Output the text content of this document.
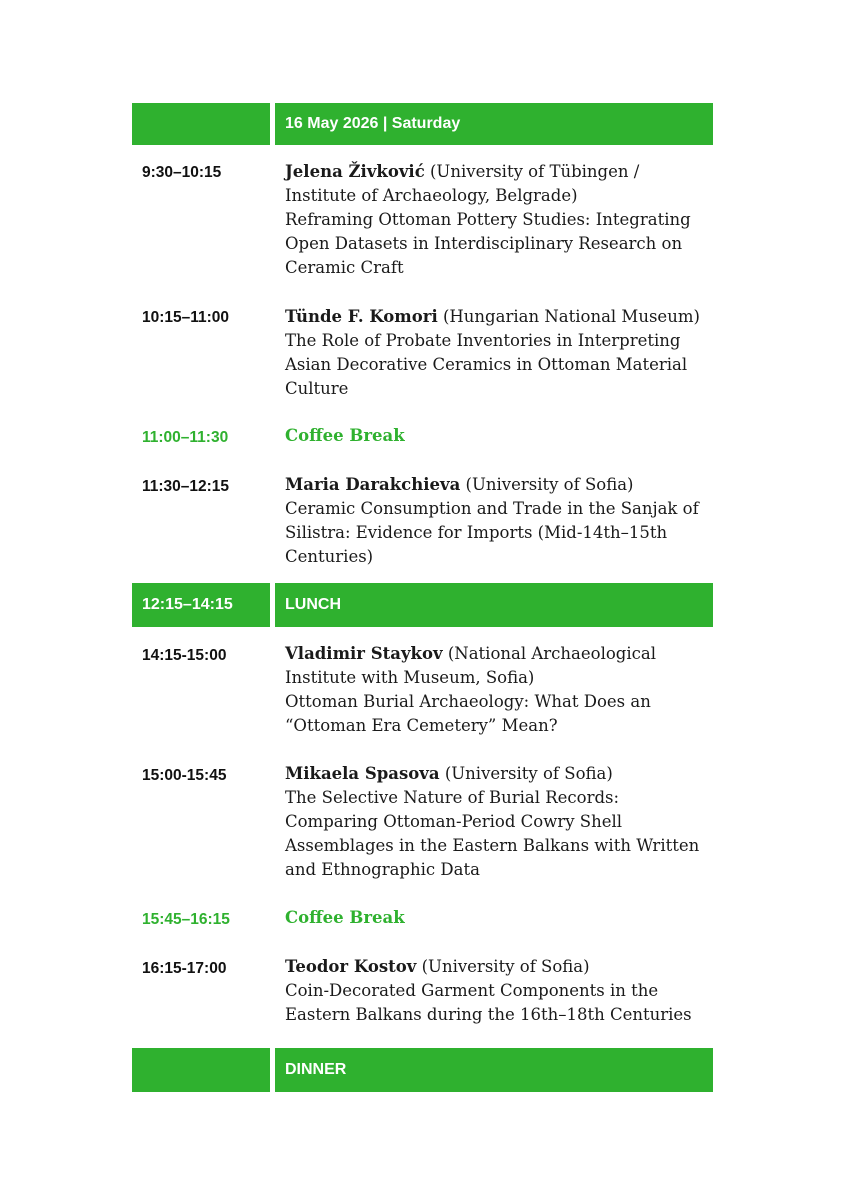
16 May 2026 | Saturday
9:30–10:15	Jelena Živković (University of Tübingen / Institute of Archaeology, Belgrade)
Reframing Ottoman Pottery Studies: Integrating Open Datasets in Interdisciplinary Research on Ceramic Craft
10:15–11:00	Tünde F. Komori (Hungarian National Museum)
The Role of Probate Inventories in Interpreting Asian Decorative Ceramics in Ottoman Material Culture
11:00–11:30	Coffee Break
11:30–12:15	Maria Darakchieva (University of Sofia)
Ceramic Consumption and Trade in the Sanjak of Silistra: Evidence for Imports (Mid-14th–15th Centuries)
12:15–14:15	LUNCH
14:15-15:00	Vladimir Staykov (National Archaeological Institute with Museum, Sofia)
Ottoman Burial Archaeology: What Does an “Ottoman Era Cemetery” Mean?
15:00-15:45	Mikaela Spasova (University of Sofia)
The Selective Nature of Burial Records: Comparing Ottoman-Period Cowry Shell Assemblages in the Eastern Balkans with Written and Ethnographic Data
15:45–16:15	Coffee Break
16:15-17:00	Teodor Kostov (University of Sofia)
Coin-Decorated Garment Components in the Eastern Balkans during the 16th–18th Centuries
DINNER
